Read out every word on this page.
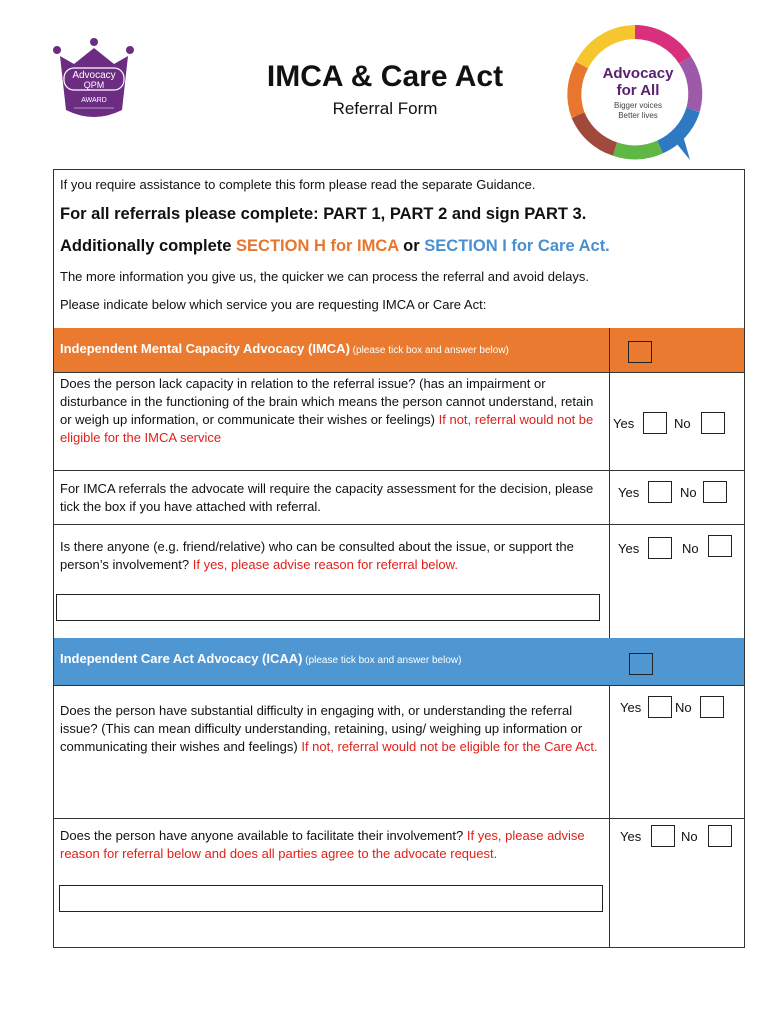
Advocacy
QPM
AWARD
IMCA & Care Act
Referral Form
Advocacy
for All
Bigger voices
Better lives
If you require assistance to complete this form please read the separate Guidance.
For all referrals please complete: PART 1, PART 2 and sign PART 3.
Additionally complete SECTION H for IMCA or SECTION I for Care Act.
The more information you give us, the quicker we can process the referral and avoid delays.
Please indicate below which service you are requesting IMCA or Care Act:
Independent Mental Capacity Advocacy (IMCA) (please tick box and answer below)
Does the person lack capacity in relation to the referral issue? (has an impairment or disturbance in the functioning of the brain which means the person cannot understand, retain or weigh up information, or communicate their wishes or feelings) If not, referral would not be eligible for the IMCA service
Yes	No
For IMCA referrals the advocate will require the capacity assessment for the decision, please tick the box if you have attached with referral.
Yes	No
Is there anyone (e.g. friend/relative) who can be consulted about the issue, or support the person’s involvement? If yes, please advise reason for referral below.
Yes	No
Independent Care Act Advocacy (ICAA) (please tick box and answer below)
Does the person have substantial difficulty in engaging with, or understanding the referral issue? (This can mean difficulty understanding, retaining, using/ weighing up information or communicating their wishes and feelings) If not, referral would not be eligible for the Care Act.
Yes	No
Does the person have anyone available to facilitate their involvement? If yes, please advise reason for referral below and does all parties agree to the advocate request.
Yes	No
